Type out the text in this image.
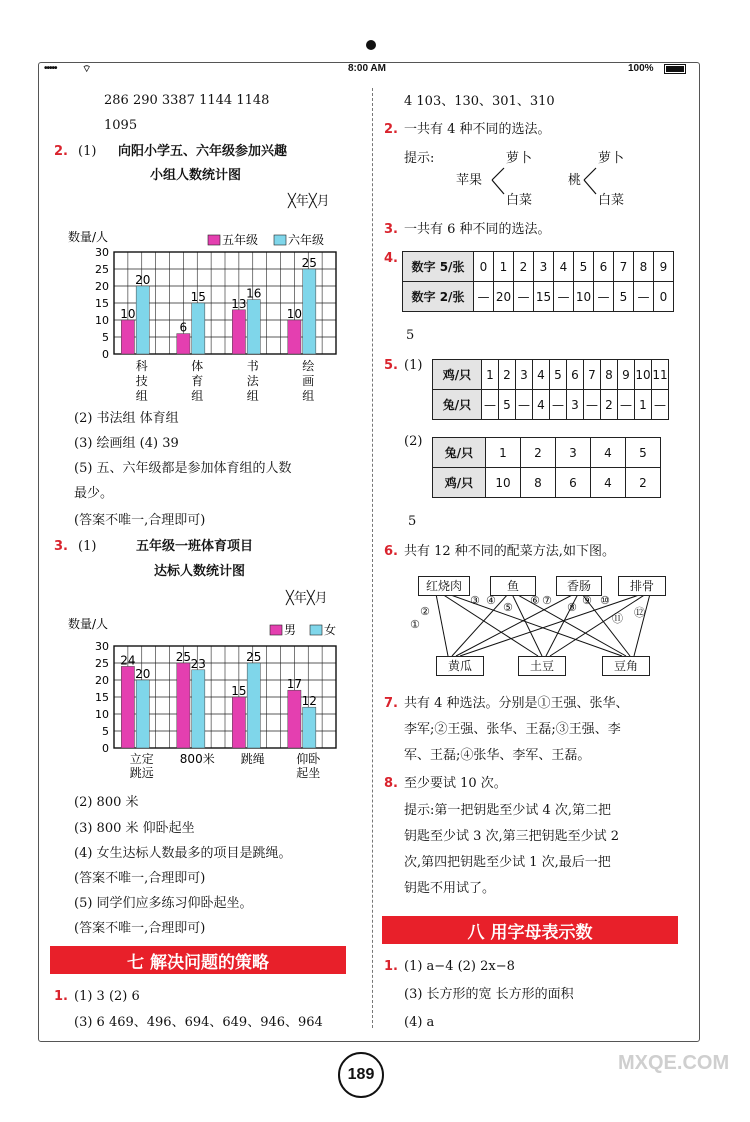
•••••	⌔	8:00 AM	100%
286 290 3387 1144 1148
1095
2. (1) 向阳小学五、六年级参加兴趣
小组人数统计图
╳年╳月
数量/人	五年级 六年级
0
5
10
15
20
25
30
10
20
科
技
组
6
15
体
育
组
13
16
书
法
组
10
25
绘
画
组
(2) 书法组 体育组
(3) 绘画组 (4) 39
(5) 五、六年级都是参加体育组的人数
最少。
(答案不唯一,合理即可)
3. (1)	五年级一班体育项目
达标人数统计图
╳年╳月
数量/人	男 女
0
5
10
15
20
25
30
24
20
立定
跳远
25 23
800米
15
25
跳绳
17
12
仰卧
起坐
(2) 800 米
(3) 800 米 仰卧起坐
(4) 女生达标人数最多的项目是跳绳。
(答案不唯一,合理即可)
(5) 同学们应多练习仰卧起坐。
(答案不唯一,合理即可)
七 解决问题的策略
1. (1) 3 (2) 6
(3) 6 469、496、694、649、946、964
4 103、130、301、310
2. 一共有 4 种不同的选法。
提示:
苹果
萝卜
白菜
桃
萝卜
白菜
3. 一共有 6 种不同的选法。
4.
数字 5/张	0	1	2	3	4	5	6	7	8	9
数字 2/张	—	20	—	15	—	10	—	5	—	0
5
5. (1)
鸡/只	1	2	3	4	5	6	7	8	9	10	11
兔/只	—	5	—	4	—	3	—	2	—	1	—
(2)
兔/只	1	2	3	4	5
鸡/只	10	8	6	4	2
5
6. 共有 12 种不同的配菜方法,如下图。
红烧肉	鱼	香肠	排骨
黄瓜	土豆	豆角
①
②
③ ④
⑤
⑥ ⑦
⑧
⑨ ⑩
⑪ ⑫
7. 共有 4 种选法。分别是①王强、张华、
李军;②王强、张华、王磊;③王强、李
军、王磊;④张华、李军、王磊。
8. 至少要试 10 次。
提示:第一把钥匙至少试 4 次,第二把
钥匙至少试 3 次,第三把钥匙至少试 2
次,第四把钥匙至少试 1 次,最后一把
钥匙不用试了。
八 用字母表示数
1. (1) a−4 (2) 2x−8
(3) 长方形的宽 长方形的面积
(4) a
189
MXQE.COM
